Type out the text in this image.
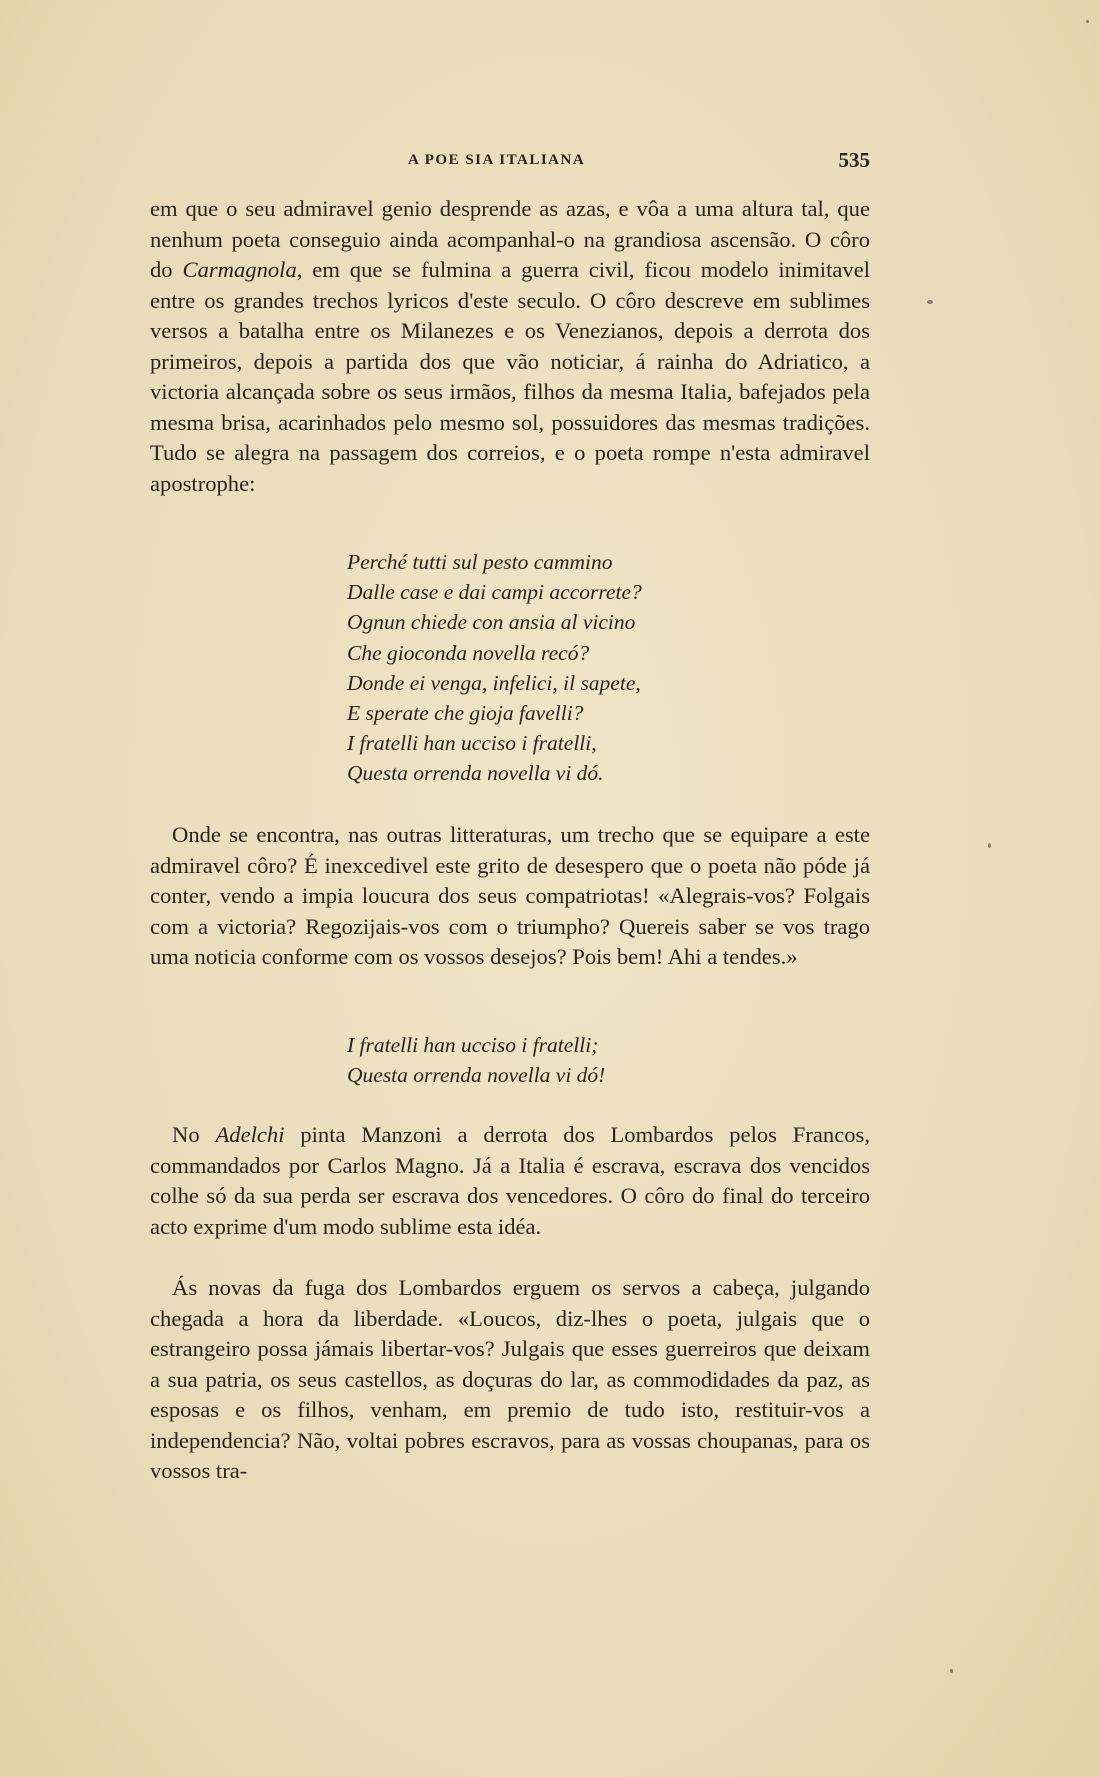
A POE SIA ITALIANA	535

em que o seu admiravel genio desprende as azas, e vôa a uma altura tal, que nenhum poeta conseguio ainda acompanhal-o na grandiosa ascensão. O côro do Carmagnola, em que se fulmina a guerra civil, ficou modelo inimitavel entre os grandes trechos lyricos d'este seculo. O côro descreve em sublimes versos a batalha entre os Milanezes e os Venezianos, depois a derrota dos primeiros, depois a partida dos que vão noticiar, á rainha do Adriatico, a victoria alcançada sobre os seus irmãos, filhos da mesma Italia, bafejados pela mesma brisa, acarinhados pelo mesmo sol, possuidores das mesmas tradições. Tudo se alegra na passagem dos correios, e o poeta rompe n'esta admiravel apostrophe:

Perché tutti sul pesto cammino
Dalle case e dai campi accorrete?
Ognun chiede con ansia al vicino
Che gioconda novella recó?
Donde ei venga, infelici, il sapete,
E sperate che gioja favelli?
I fratelli han ucciso i fratelli,
Questa orrenda novella vi dó.

Onde se encontra, nas outras litteraturas, um trecho que se equipare a este admiravel côro? É inexcedivel este grito de desespero que o poeta não póde já conter, vendo a impia loucura dos seus compatriotas! «Alegrais-vos? Folgais com a victoria? Regozijais-vos com o triumpho? Quereis saber se vos trago uma noticia conforme com os vossos desejos? Pois bem! Ahi a tendes.»

I fratelli han ucciso i fratelli;
Questa orrenda novella vi dó!

No Adelchi pinta Manzoni a derrota dos Lombardos pelos Francos, commandados por Carlos Magno. Já a Italia é escrava, escrava dos vencidos colhe só da sua perda ser escrava dos vencedores. O côro do final do terceiro acto exprime d'um modo sublime esta idéa.

Ás novas da fuga dos Lombardos erguem os servos a cabeça, julgando chegada a hora da liberdade. «Loucos, diz-lhes o poeta, julgais que o estrangeiro possa jámais libertar-vos? Julgais que esses guerreiros que deixam a sua patria, os seus castellos, as doçuras do lar, as commodidades da paz, as esposas e os filhos, venham, em premio de tudo isto, restituir-vos a independencia? Não, voltai pobres escravos, para as vossas choupanas, para os vossos tra-
